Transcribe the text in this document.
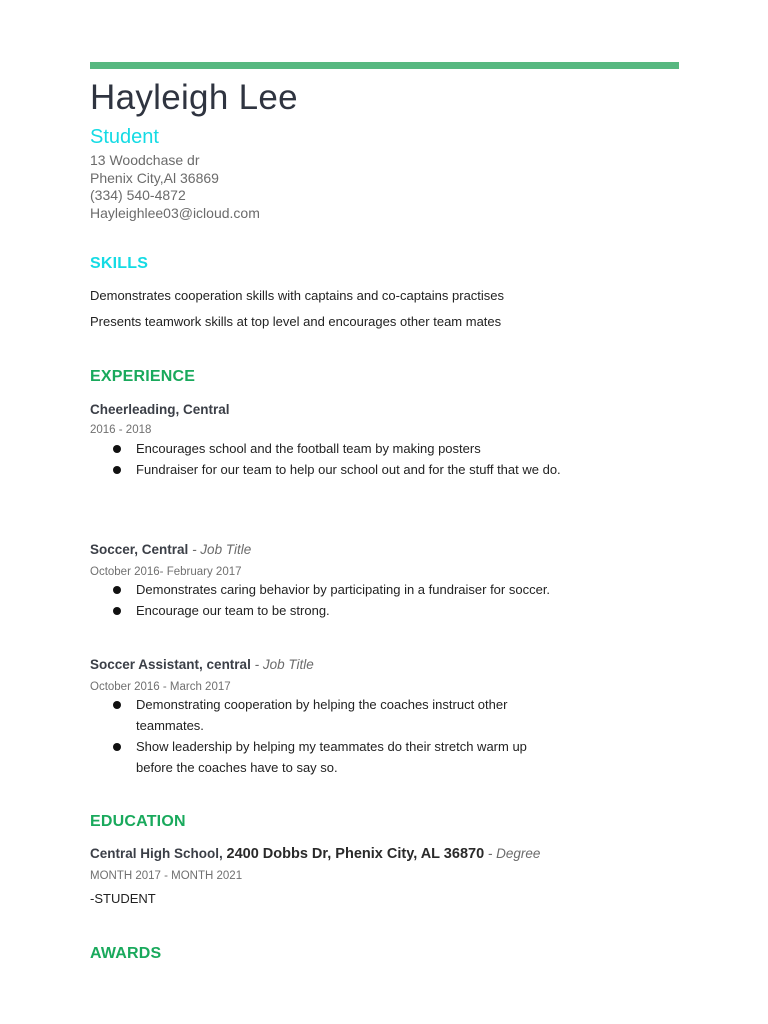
Hayleigh Lee
Student
13 Woodchase dr
Phenix City,Al 36869
(334) 540-4872
Hayleighlee03@icloud.com
SKILLS
Demonstrates cooperation skills with captains and co-captains practises
Presents teamwork skills at top level and encourages other team mates
EXPERIENCE
Cheerleading, Central
2016 - 2018
Encourages school and the football team by making posters
Fundraiser for our team to help our school out and for the stuff that we do.
Soccer, Central - Job Title
October 2016- February 2017
Demonstrates caring behavior by participating in a fundraiser for soccer.
Encourage our team to be strong.
Soccer Assistant, central - Job Title
October 2016 - March 2017
Demonstrating cooperation by helping the coaches instruct other teammates.
Show leadership by helping my teammates do their stretch warm up before the coaches have to say so.
EDUCATION
Central High School, 2400 Dobbs Dr, Phenix City, AL 36870 - Degree
MONTH 2017 - MONTH 2021
-STUDENT
AWARDS
